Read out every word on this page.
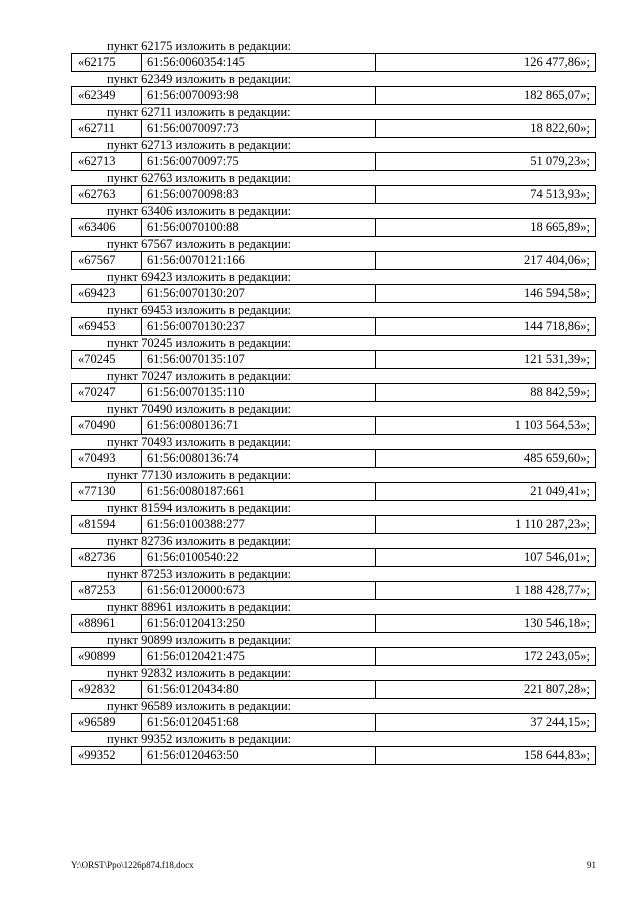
пункт 62175 изложить в редакции:
«62175	61:56:0060354:145	126 477,86»;
пункт 62349 изложить в редакции:
«62349	61:56:0070093:98	182 865,07»;
пункт 62711 изложить в редакции:
«62711	61:56:0070097:73	18 822,60»;
пункт 62713 изложить в редакции:
«62713	61:56:0070097:75	51 079,23»;
пункт 62763 изложить в редакции:
«62763	61:56:0070098:83	74 513,93»;
пункт 63406 изложить в редакции:
«63406	61:56:0070100:88	18 665,89»;
пункт 67567 изложить в редакции:
«67567	61:56:0070121:166	217 404,06»;
пункт 69423 изложить в редакции:
«69423	61:56:0070130:207	146 594,58»;
пункт 69453 изложить в редакции:
«69453	61:56:0070130:237	144 718,86»;
пункт 70245 изложить в редакции:
«70245	61:56:0070135:107	121 531,39»;
пункт 70247 изложить в редакции:
«70247	61:56:0070135:110	88 842,59»;
пункт 70490 изложить в редакции:
«70490	61:56:0080136:71	1 103 564,53»;
пункт 70493 изложить в редакции:
«70493	61:56:0080136:74	485 659,60»;
пункт 77130 изложить в редакции:
«77130	61:56:0080187:661	21 049,41»;
пункт 81594 изложить в редакции:
«81594	61:56:0100388:277	1 110 287,23»;
пункт 82736 изложить в редакции:
«82736	61:56:0100540:22	107 546,01»;
пункт 87253 изложить в редакции:
«87253	61:56:0120000:673	1 188 428,77»;
пункт 88961 изложить в редакции:
«88961	61:56:0120413:250	130 546,18»;
пункт 90899 изложить в редакции:
«90899	61:56:0120421:475	172 243,05»;
пункт 92832 изложить в редакции:
«92832	61:56:0120434:80	221 807,28»;
пункт 96589 изложить в редакции:
«96589	61:56:0120451:68	37 244,15»;
пункт 99352 изложить в редакции:
«99352	61:56:0120463:50	158 644,83»;
Y:\ORST\Ppo\1226p874.f18.docx	91
